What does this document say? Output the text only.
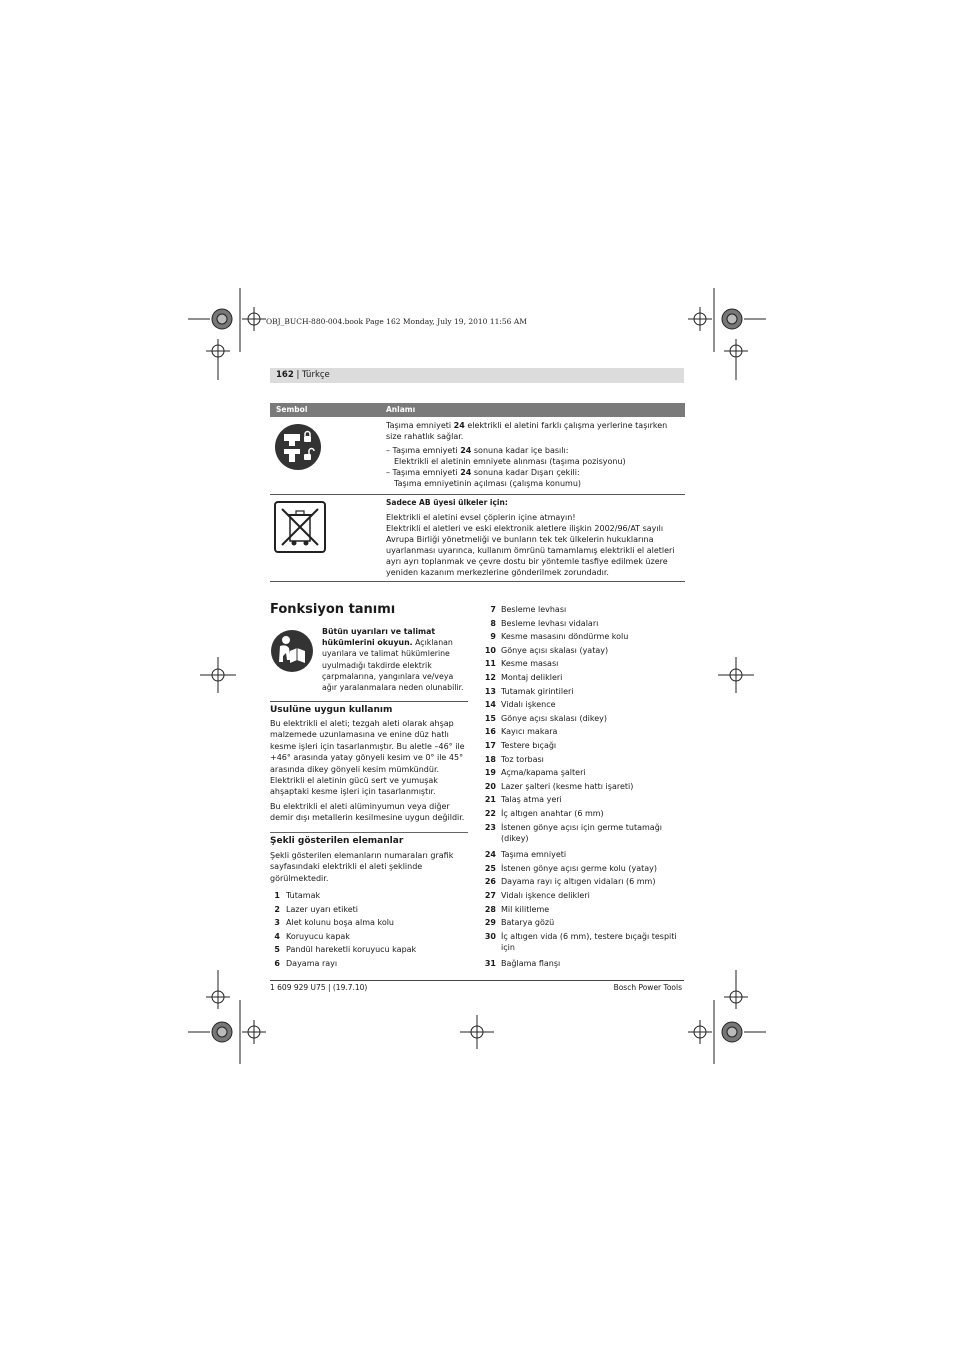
OBJ_BUCH-880-004.book Page 162 Monday, July 19, 2010 11:56 AM
162 | Türkçe
Sembol	Anlamı

Taşıma emniyeti 24 elektrikli el aletini farklı çalışma yerlerine taşırken size rahatlık sağlar.

– Taşıma emniyeti 24 sonuna kadar içe basılı:

Elektrikli el aletinin emniyete alınması (taşıma pozisyonu)

– Taşıma emniyeti 24 sonuna kadar Dışarı çekili:

Taşıma emniyetinin açılması (çalışma konumu)

Sadece AB üyesi ülkeler için:

Elektrikli el aletini evsel çöplerin içine atmayın!

Elektrikli el aletleri ve eski elektronik aletlere ilişkin 2002/96/AT sayılı Avrupa Birliği yönetmeliği ve bunların tek tek ülkelerin hukuklarına uyarlanması uyarınca, kullanım ömrünü tamamlamış elektrikli el aletleri ayrı ayrı toplanmak ve çevre dostu bir yöntemle tasfiye edilmek üzere yeniden kazanım merkezlerine gönderilmek zorundadır.

Fonksiyon tanımı
Bütün uyarıları ve talimat hükümlerini okuyun. Açıklanan uyarılara ve talimat hükümlerine uyulmadığı takdirde elektrik çarpmalarına, yangınlara ve/veya ağır yaralanmalara neden olunabilir.
Usulüne uygun kullanım
Bu elektrikli el aleti; tezgah aleti olarak ahşap malzemede uzunlamasına ve enine düz hatlı kesme işleri için tasarlanmıştır. Bu aletle –46° ile +46° arasında yatay gönyeli kesim ve 0° ile 45° arasında dikey gönyeli kesim mümkündür. Elektrikli el aletinin gücü sert ve yumuşak ahşaptaki kesme işleri için tasarlanmıştır.
Bu elektrikli el aleti alüminyumun veya diğer demir dışı metallerin kesilmesine uygun değildir.
Şekli gösterilen elemanlar
Şekli gösterilen elemanların numaraları grafik sayfasındaki elektrikli el aleti şeklinde görülmektedir.
1 Tutamak
2 Lazer uyarı etiketi
3 Alet kolunu boşa alma kolu
4 Koruyucu kapak
5 Pandül hareketli koruyucu kapak
6 Dayama rayı
7 Besleme levhası
8 Besleme levhası vidaları
9 Kesme masasını döndürme kolu
10 Gönye açısı skalası (yatay)
11 Kesme masası
12 Montaj delikleri
13 Tutamak girintileri
14 Vidalı işkence
15 Gönye açısı skalası (dikey)
16 Kayıcı makara
17 Testere bıçağı
18 Toz torbası
19 Açma/kapama şalteri
20 Lazer şalteri (kesme hattı işareti)
21 Talaş atma yeri
22 İç altıgen anahtar (6 mm)
23 İstenen gönye açısı için germe tutamağı (dikey)
24 Taşıma emniyeti
25 İstenen gönye açısı germe kolu (yatay)
26 Dayama rayı iç altıgen vidaları (6 mm)
27 Vidalı işkence delikleri
28 Mil kilitleme
29 Batarya gözü
30 İç altıgen vida (6 mm), testere bıçağı tespiti için
31 Bağlama flanşı
1 609 929 U75 | (19.7.10)	Bosch Power Tools
